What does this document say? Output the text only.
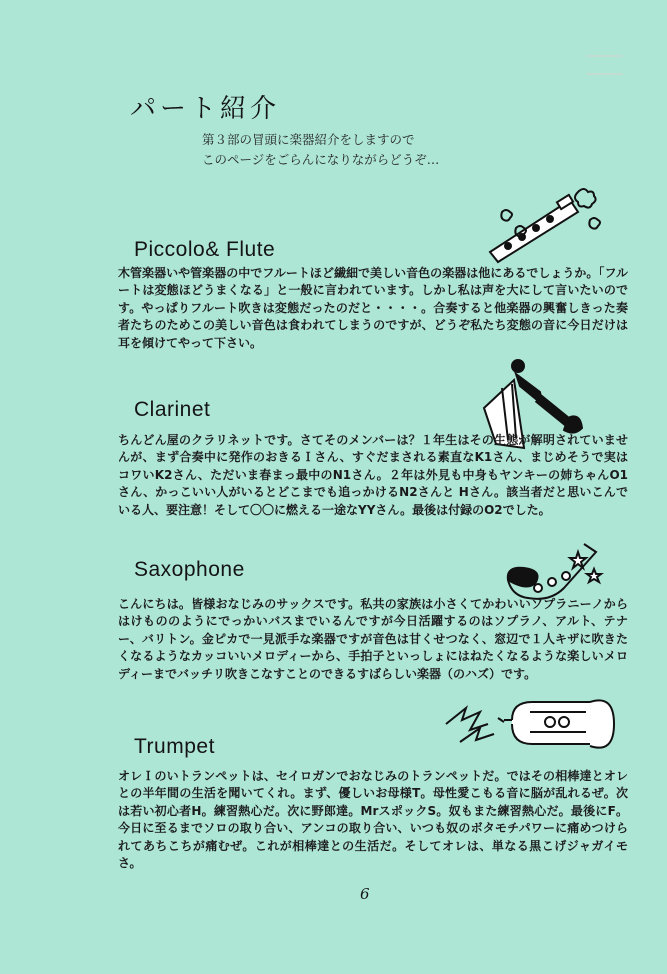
パート紹介
第３部の冒頭に楽器紹介をしますので
このページをごらんになりながらどうぞ…
Piccolo& Flute
木管楽器いや管楽器の中でフルートほど繊細で美しい音色の楽器は他にあるでしょうか。「フルートは変態ほどうまくなる」と一般に言われています。しかし私は声を大にして言いたいのです。やっぱりフルート吹きは変態だったのだと・・・・。合奏すると他楽器の興奮しきった奏者たちのためこの美しい音色は食われてしまうのですが、どうぞ私たち変態の音に今日だけは耳を傾けてやって下さい。
Clarinet
ちんどん屋のクラリネットです。さてそのメンバーは？１年生はその生態が解明されていませんが、まず合奏中に発作のおきるＩさん、すぐだまされる素直なK1さん、まじめそうで実はコワいK2さん、ただいま春まっ最中のN1さん。２年は外見も中身もヤンキーの姉ちゃんO1さん、かっこいい人がいるとどこまでも追っかけるN2さんと Hさん。該当者だと思いこんでいる人、要注意！そして〇〇に燃える一途なYYさん。最後は付録のO2でした。
Saxophone
こんにちは。皆様おなじみのサックスです。私共の家族は小さくてかわいいソプラニーノからはけもののようにでっかいバスまでいるんですが今日活躍するのはソプラノ、アルト、テナー、バリトン。金ピカで一見派手な楽器ですが音色は甘くせつなく、窓辺で１人キザに吹きたくなるようなカッコいいメロディーから、手拍子といっしょにはねたくなるような楽しいメロディーまでバッチリ吹きこなすことのできるすばらしい楽器（のハズ）です。
Trumpet
オレＩのいトランペットは、セイロガンでおなじみのトランペットだ。ではその相棒達とオレとの半年間の生活を聞いてくれ。まず、優しいお母様T。母性愛こもる音に脳が乱れるぜ。次は若い初心者H。練習熱心だ。次に野郎達。MrスポックS。奴もまた練習熱心だ。最後にF。今日に至るまでソロの取り合い、アンコの取り合い、いつも奴のボタモチパワーに痛めつけられてあちこちが痛むぜ。これが相棒達との生活だ。そしてオレは、単なる黒こげジャガイモさ。
6
